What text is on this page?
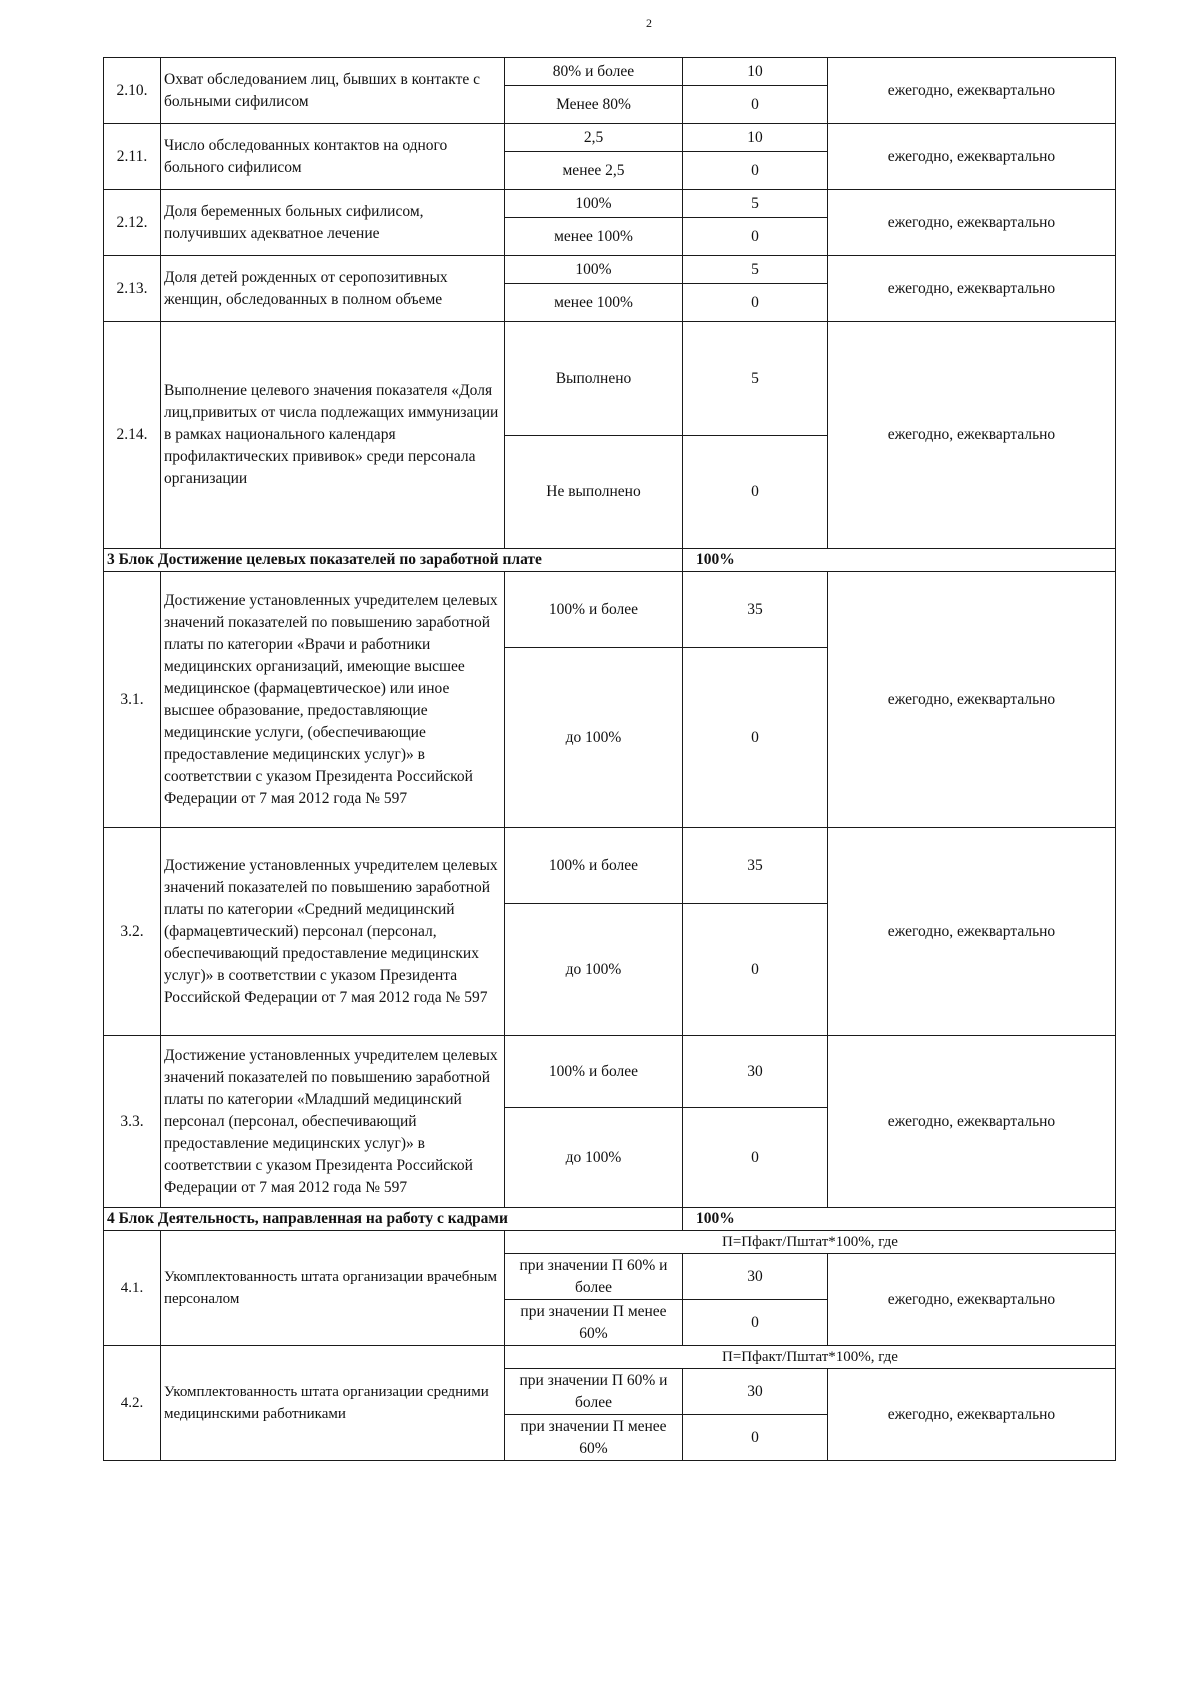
2
2.10.	Охват обследованием лиц, бывших в контакте с больными сифилисом	80% и более	10	ежегодно, ежеквартально
		Менее 80%	0	
2.11.	Число обследованных контактов на одного больного сифилисом	2,5	10	ежегодно, ежеквартально
		менее 2,5	0	
2.12.	Доля беременных больных сифилисом, получивших адекватное лечение	100%	5	ежегодно, ежеквартально
		менее 100%	0	
2.13.	Доля детей рожденных от серопозитивных женщин, обследованных в полном объеме	100%	5	ежегодно, ежеквартально
		менее 100%	0	
2.14.	Выполнение целевого значения показателя «Доля лиц,привитых от числа подлежащих иммунизации в рамках национального календаря профилактических прививок» среди персонала организации	Выполнено	5	ежегодно, ежеквартально
		Не выполнено	0	
3 Блок Достижение целевых показателей по заработной плате			100%	
3.1.	Достижение установленных учредителем целевых значений показателей по повышению заработной платы по категории «Врачи и работники медицинских организаций, имеющие высшее медицинское (фармацевтическое) или иное высшее образование, предоставляющие медицинские услуги, (обеспечивающие предоставление медицинских услуг)» в соответствии с указом Президента Российской Федерации от 7 мая 2012 года № 597	100% и более	35	ежегодно, ежеквартально
		до 100%	0	
3.2.	Достижение установленных учредителем целевых значений показателей по повышению заработной платы по категории «Средний медицинский (фармацевтический) персонал (персонал, обеспечивающий предоставление медицинских услуг)» в соответствии с указом Президента Российской Федерации от 7 мая 2012 года № 597	100% и более	35	ежегодно, ежеквартально
		до 100%	0	
3.3.	Достижение установленных учредителем целевых значений показателей по повышению заработной платы по категории «Младший медицинский персонал (персонал, обеспечивающий предоставление медицинских услуг)» в соответствии с указом Президента Российской Федерации от 7 мая 2012 года № 597	100% и более	30	ежегодно, ежеквартально
		до 100%	0	
4 Блок Деятельность, направленная на работу с кадрами			100%	
4.1.	Укомплектованность штата организации врачебным персоналом	П=Пфакт/Пштат*100%, где		
		при значении П 60% и более	30	ежегодно, ежеквартально
		при значении П менее 60%	0	
4.2.	Укомплектованность штата организации средними медицинскими работниками	П=Пфакт/Пштат*100%, где		
		при значении П 60% и более	30	ежегодно, ежеквартально
		при значении П менее 60%	0	
